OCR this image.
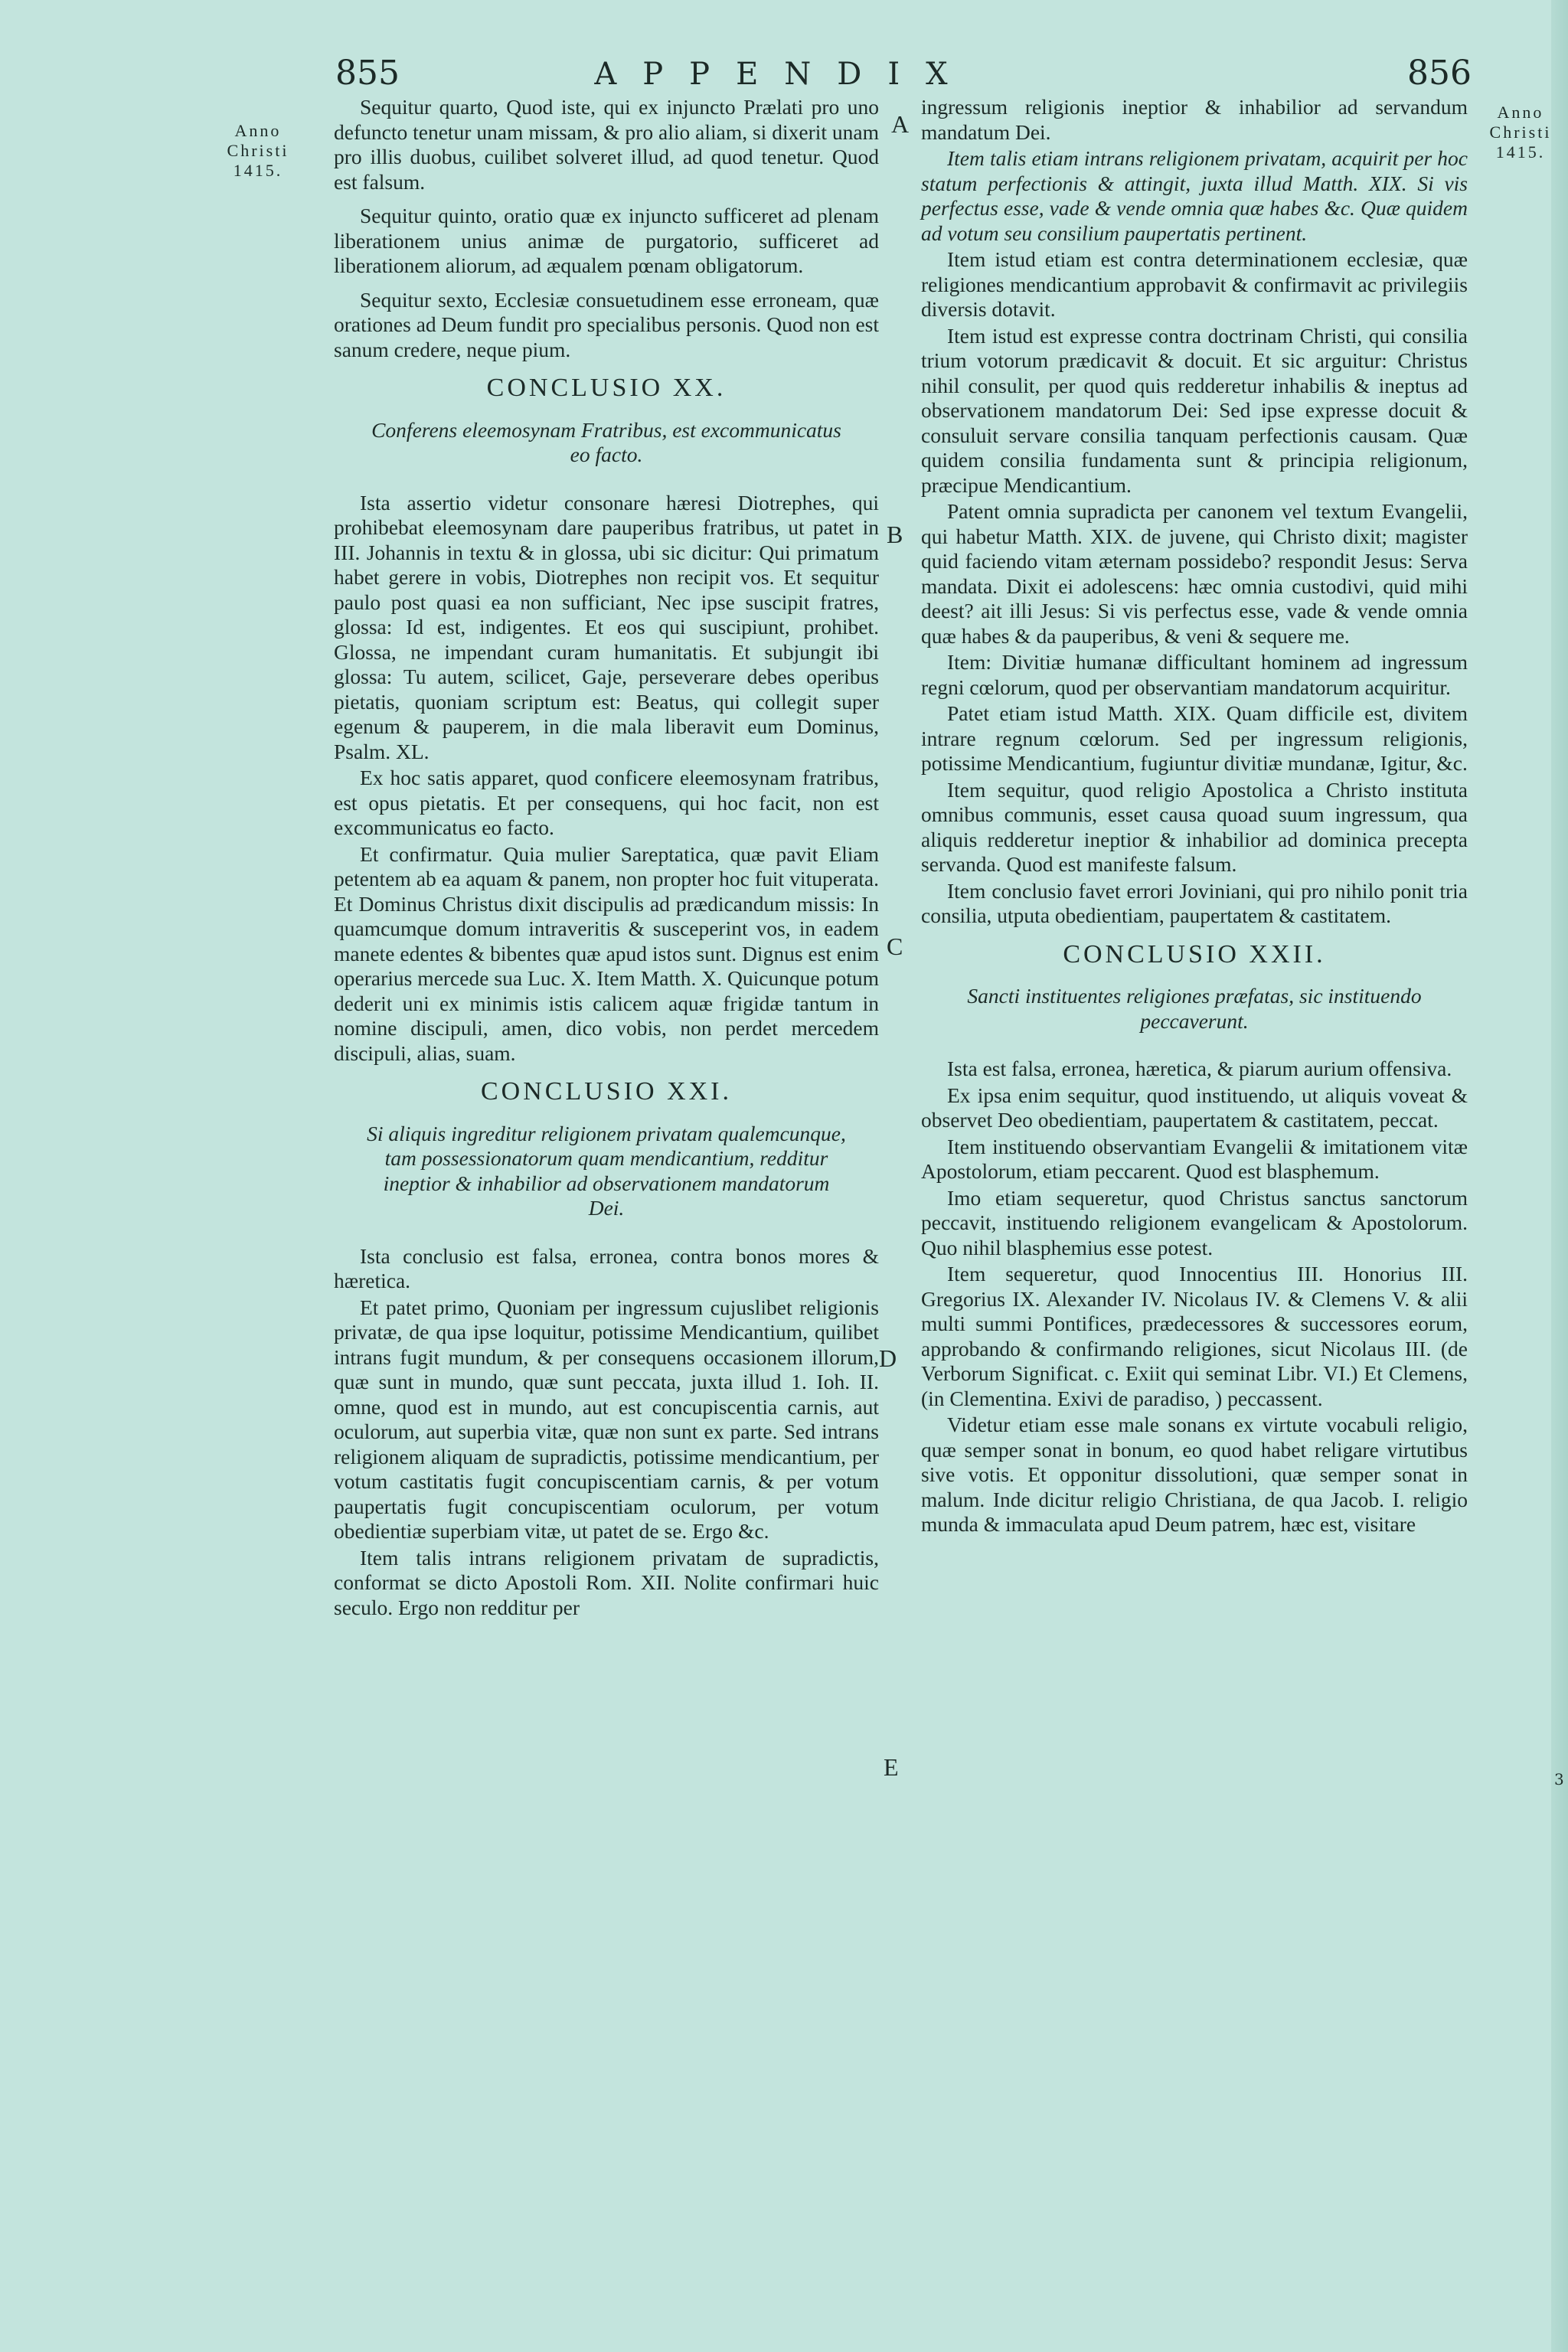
855	APPENDIX	856
Anno
Christi
1415.
Anno
Christi
1415.
A
B
C
D
E

Sequitur quarto, Quod iste, qui ex injuncto Prælati pro uno defuncto tenetur unam missam, & pro alio aliam, si dixerit unam pro illis duobus, cuilibet solveret illud, ad quod tenetur. Quod est falsum.

Sequitur quinto, oratio quæ ex injuncto sufficeret ad plenam liberationem unius animæ de purgatorio, sufficeret ad liberationem aliorum, ad æqualem pœnam obligatorum.

Sequitur sexto, Ecclesiæ consuetudinem esse erroneam, quæ orationes ad Deum fundit pro specialibus personis. Quod non est sanum credere, neque pium.

CONCLUSIO XX.
Conferens eleemosynam Fratribus, est excommunicatus eo facto.

Ista assertio videtur consonare hæresi Diotrephes, qui prohibebat eleemosynam dare pauperibus fratribus, ut patet in III. Johannis in textu & in glossa, ubi sic dicitur: Qui primatum habet gerere in vobis, Diotrephes non recipit vos. Et sequitur paulo post quasi ea non sufficiant, Nec ipse suscipit fratres, glossa: Id est, indigentes. Et eos qui suscipiunt, prohibet. Glossa, ne impendant curam humanitatis. Et subjungit ibi glossa: Tu autem, scilicet, Gaje, perseverare debes operibus pietatis, quoniam scriptum est: Beatus, qui collegit super egenum & pauperem, in die mala liberavit eum Dominus, Psalm. XL.

Ex hoc satis apparet, quod conficere eleemosynam fratribus, est opus pietatis. Et per consequens, qui hoc facit, non est excommunicatus eo facto.

Et confirmatur. Quia mulier Sareptatica, quæ pavit Eliam petentem ab ea aquam & panem, non propter hoc fuit vituperata. Et Dominus Christus dixit discipulis ad prædicandum missis: In quamcumque domum intraveritis & susceperint vos, in eadem manete edentes & bibentes quæ apud istos sunt. Dignus est enim operarius mercede sua Luc. X. Item Matth. X. Quicunque potum dederit uni ex minimis istis calicem aquæ frigidæ tantum in nomine discipuli, amen, dico vobis, non perdet mercedem discipuli, alias, suam.

CONCLUSIO XXI.
Si aliquis ingreditur religionem privatam qualemcunque, tam possessionatorum quam mendicantium, redditur ineptior & inhabilior ad observationem mandatorum Dei.

Ista conclusio est falsa, erronea, contra bonos mores & hæretica.

Et patet primo, Quoniam per ingressum cujuslibet religionis privatæ, de qua ipse loquitur, potissime Mendicantium, quilibet intrans fugit mundum, & per consequens occasionem illorum, quæ sunt in mundo, quæ sunt peccata, juxta illud 1. Ioh. II. omne, quod est in mundo, aut est concupiscentia carnis, aut oculorum, aut superbia vitæ, quæ non sunt ex parte. Sed intrans religionem aliquam de supradictis, potissime mendicantium, per votum castitatis fugit concupiscentiam carnis, & per votum paupertatis fugit concupiscentiam oculorum, per votum obedientiæ superbiam vitæ, ut patet de se. Ergo &c.

Item talis intrans religionem privatam de supradictis, conformat se dicto Apostoli Rom. XII. Nolite confirmari huic seculo. Ergo non redditur per

ingressum religionis ineptior & inhabilior ad servandum mandatum Dei.

Item talis etiam intrans religionem privatam, acquirit per hoc statum perfectionis & attingit, juxta illud Matth. XIX. Si vis perfectus esse, vade & vende omnia quæ habes &c. Quæ quidem ad votum seu consilium paupertatis pertinent.

Item istud etiam est contra determinationem ecclesiæ, quæ religiones mendicantium approbavit & confirmavit ac privilegiis diversis dotavit.

Item istud est expresse contra doctrinam Christi, qui consilia trium votorum prædicavit & docuit. Et sic arguitur: Christus nihil consulit, per quod quis redderetur inhabilis & ineptus ad observationem mandatorum Dei: Sed ipse expresse docuit & consuluit servare consilia tanquam perfectionis causam. Quæ quidem consilia fundamenta sunt & principia religionum, præcipue Mendicantium.

Patent omnia supradicta per canonem vel textum Evangelii, qui habetur Matth. XIX. de juvene, qui Christo dixit; magister quid faciendo vitam æternam possidebo? respondit Jesus: Serva mandata. Dixit ei adolescens: hæc omnia custodivi, quid mihi deest? ait illi Jesus: Si vis perfectus esse, vade & vende omnia quæ habes & da pauperibus, & veni & sequere me.

Item: Divitiæ humanæ difficultant hominem ad ingressum regni cœlorum, quod per observantiam mandatorum acquiritur.

Patet etiam istud Matth. XIX. Quam difficile est, divitem intrare regnum cœlorum. Sed per ingressum religionis, potissime Mendicantium, fugiuntur divitiæ mundanæ, Igitur, &c.

Item sequitur, quod religio Apostolica a Christo instituta omnibus communis, esset causa quoad suum ingressum, qua aliquis redderetur ineptior & inhabilior ad dominica precepta servanda. Quod est manifeste falsum.

Item conclusio favet errori Joviniani, qui pro nihilo ponit tria consilia, utputa obedientiam, paupertatem & castitatem.

CONCLUSIO XXII.
Sancti instituentes religiones præfatas, sic instituendo peccaverunt.

Ista est falsa, erronea, hæretica, & piarum aurium offensiva.

Ex ipsa enim sequitur, quod instituendo, ut aliquis voveat & observet Deo obedientiam, paupertatem & castitatem, peccat.

Item instituendo observantiam Evangelii & imitationem vitæ Apostolorum, etiam peccarent. Quod est blasphemum.

Imo etiam sequeretur, quod Christus sanctus sanctorum peccavit, instituendo religionem evangelicam & Apostolorum. Quo nihil blasphemius esse potest.

Item sequeretur, quod Innocentius III. Honorius III. Gregorius IX. Alexander IV. Nicolaus IV. & Clemens V. & alii multi summi Pontifices, prædecessores & successores eorum, approbando & confirmando religiones, sicut Nicolaus III. (de Verborum Significat. c. Exiit qui seminat Libr. VI.) Et Clemens, (in Clementina. Exivi de paradiso, ) peccassent.

Videtur etiam esse male sonans ex virtute vocabuli religio, quæ semper sonat in bonum, eo quod habet religare virtutibus sive votis. Et opponitur dissolutioni, quæ semper sonat in malum. Inde dicitur religio Christiana, de qua Jacob. I. religio munda & immaculata apud Deum patrem, hæc est, visitare

3
